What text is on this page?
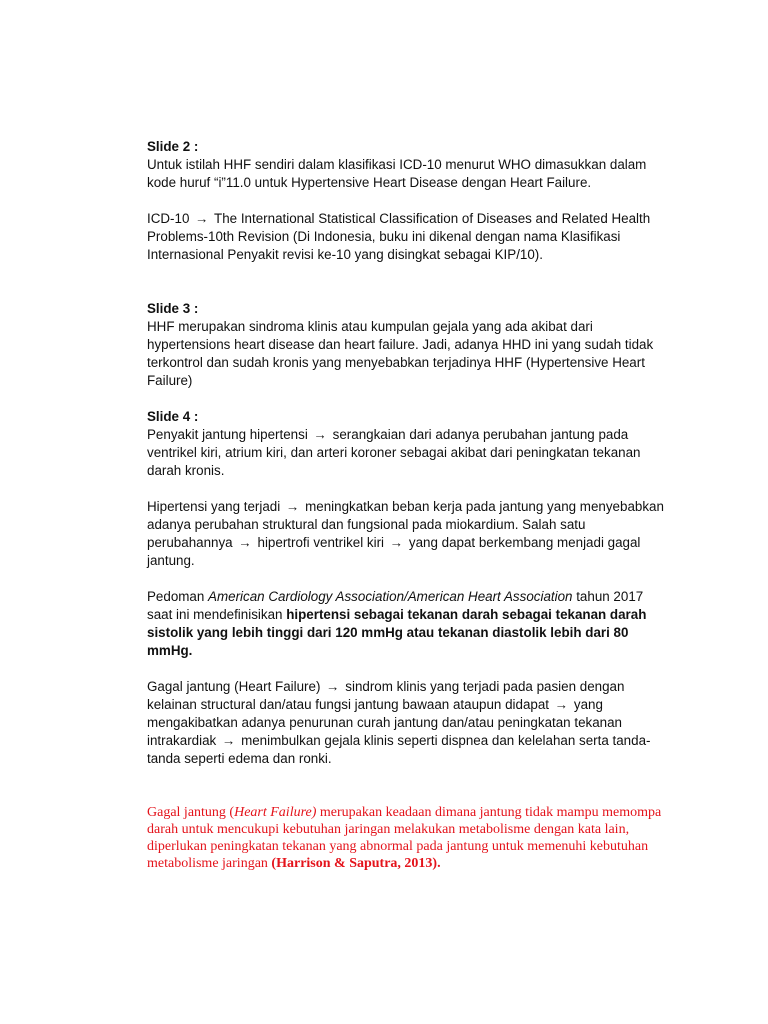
Slide 2 :

Untuk istilah HHF sendiri dalam klasifikasi ICD-10 menurut WHO dimasukkan dalam kode huruf “i”11.0 untuk Hypertensive Heart Disease dengan Heart Failure.

ICD-10 → The International Statistical Classification of Diseases and Related Health Problems-10th Revision (Di Indonesia, buku ini dikenal dengan nama Klasifikasi Internasional Penyakit revisi ke-10 yang disingkat sebagai KIP/10).

Slide 3 :

HHF merupakan sindroma klinis atau kumpulan gejala yang ada akibat dari hypertensions heart disease dan heart failure. Jadi, adanya HHD ini yang sudah tidak terkontrol dan sudah kronis yang menyebabkan terjadinya HHF (Hypertensive Heart Failure)

Slide 4 :

Penyakit jantung hipertensi → serangkaian dari adanya perubahan jantung pada ventrikel kiri, atrium kiri, dan arteri koroner sebagai akibat dari peningkatan tekanan darah kronis.

Hipertensi yang terjadi → meningkatkan beban kerja pada jantung yang menyebabkan adanya perubahan struktural dan fungsional pada miokardium. Salah satu perubahannya → hipertrofi ventrikel kiri → yang dapat berkembang menjadi gagal jantung.

Pedoman American Cardiology Association/American Heart Association tahun 2017 saat ini mendefinisikan hipertensi sebagai tekanan darah sebagai tekanan darah sistolik yang lebih tinggi dari 120 mmHg atau tekanan diastolik lebih dari 80 mmHg.

Gagal jantung (Heart Failure) → sindrom klinis yang terjadi pada pasien dengan kelainan structural dan/atau fungsi jantung bawaan ataupun didapat → yang mengakibatkan adanya penurunan curah jantung dan/atau peningkatan tekanan intrakardiak → menimbulkan gejala klinis seperti dispnea dan kelelahan serta tanda-tanda seperti edema dan ronki.

Gagal jantung (Heart Failure) merupakan keadaan dimana jantung tidak mampu memompa darah untuk mencukupi kebutuhan jaringan melakukan metabolisme dengan kata lain, diperlukan peningkatan tekanan yang abnormal pada jantung untuk memenuhi kebutuhan metabolisme jaringan (Harrison & Saputra, 2013).
